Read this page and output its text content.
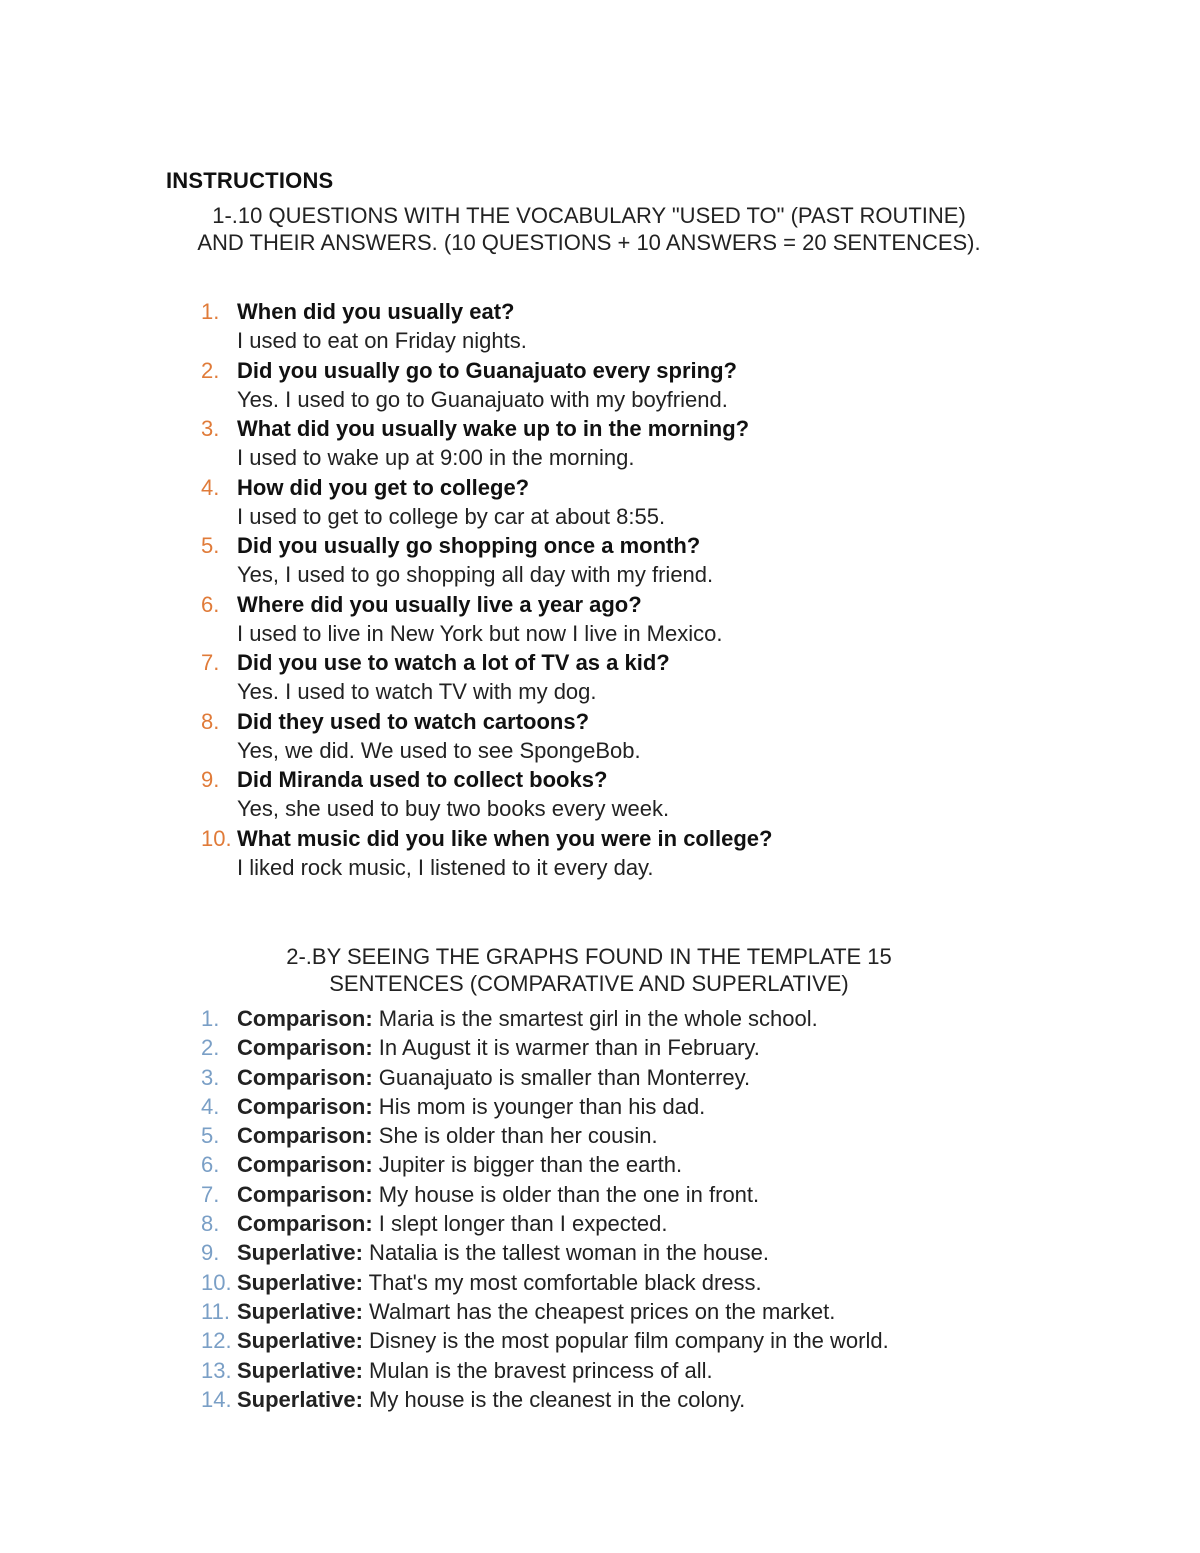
INSTRUCTIONS
1-.10 QUESTIONS WITH THE VOCABULARY "USED TO" (PAST ROUTINE)
AND THEIR ANSWERS. (10 QUESTIONS + 10 ANSWERS = 20 SENTENCES).
1. When did you usually eat?
I used to eat on Friday nights.
2. Did you usually go to Guanajuato every spring?
Yes. I used to go to Guanajuato with my boyfriend.
3. What did you usually wake up to in the morning?
I used to wake up at 9:00 in the morning.
4. How did you get to college?
I used to get to college by car at about 8:55.
5. Did you usually go shopping once a month?
Yes, I used to go shopping all day with my friend.
6. Where did you usually live a year ago?
I used to live in New York but now I live in Mexico.
7. Did you use to watch a lot of TV as a kid?
Yes. I used to watch TV with my dog.
8. Did they used to watch cartoons?
Yes, we did. We used to see SpongeBob.
9. Did Miranda used to collect books?
Yes, she used to buy two books every week.
10. What music did you like when you were in college?
I liked rock music, I listened to it every day.
2-.BY SEEING THE GRAPHS FOUND IN THE TEMPLATE 15
SENTENCES (COMPARATIVE AND SUPERLATIVE)
1. Comparison: Maria is the smartest girl in the whole school.
2. Comparison: In August it is warmer than in February.
3. Comparison: Guanajuato is smaller than Monterrey.
4. Comparison: His mom is younger than his dad.
5. Comparison: She is older than her cousin.
6. Comparison: Jupiter is bigger than the earth.
7. Comparison: My house is older than the one in front.
8. Comparison: I slept longer than I expected.
9. Superlative: Natalia is the tallest woman in the house.
10. Superlative: That's my most comfortable black dress.
11. Superlative: Walmart has the cheapest prices on the market.
12. Superlative: Disney is the most popular film company in the world.
13. Superlative: Mulan is the bravest princess of all.
14. Superlative: My house is the cleanest in the colony.
